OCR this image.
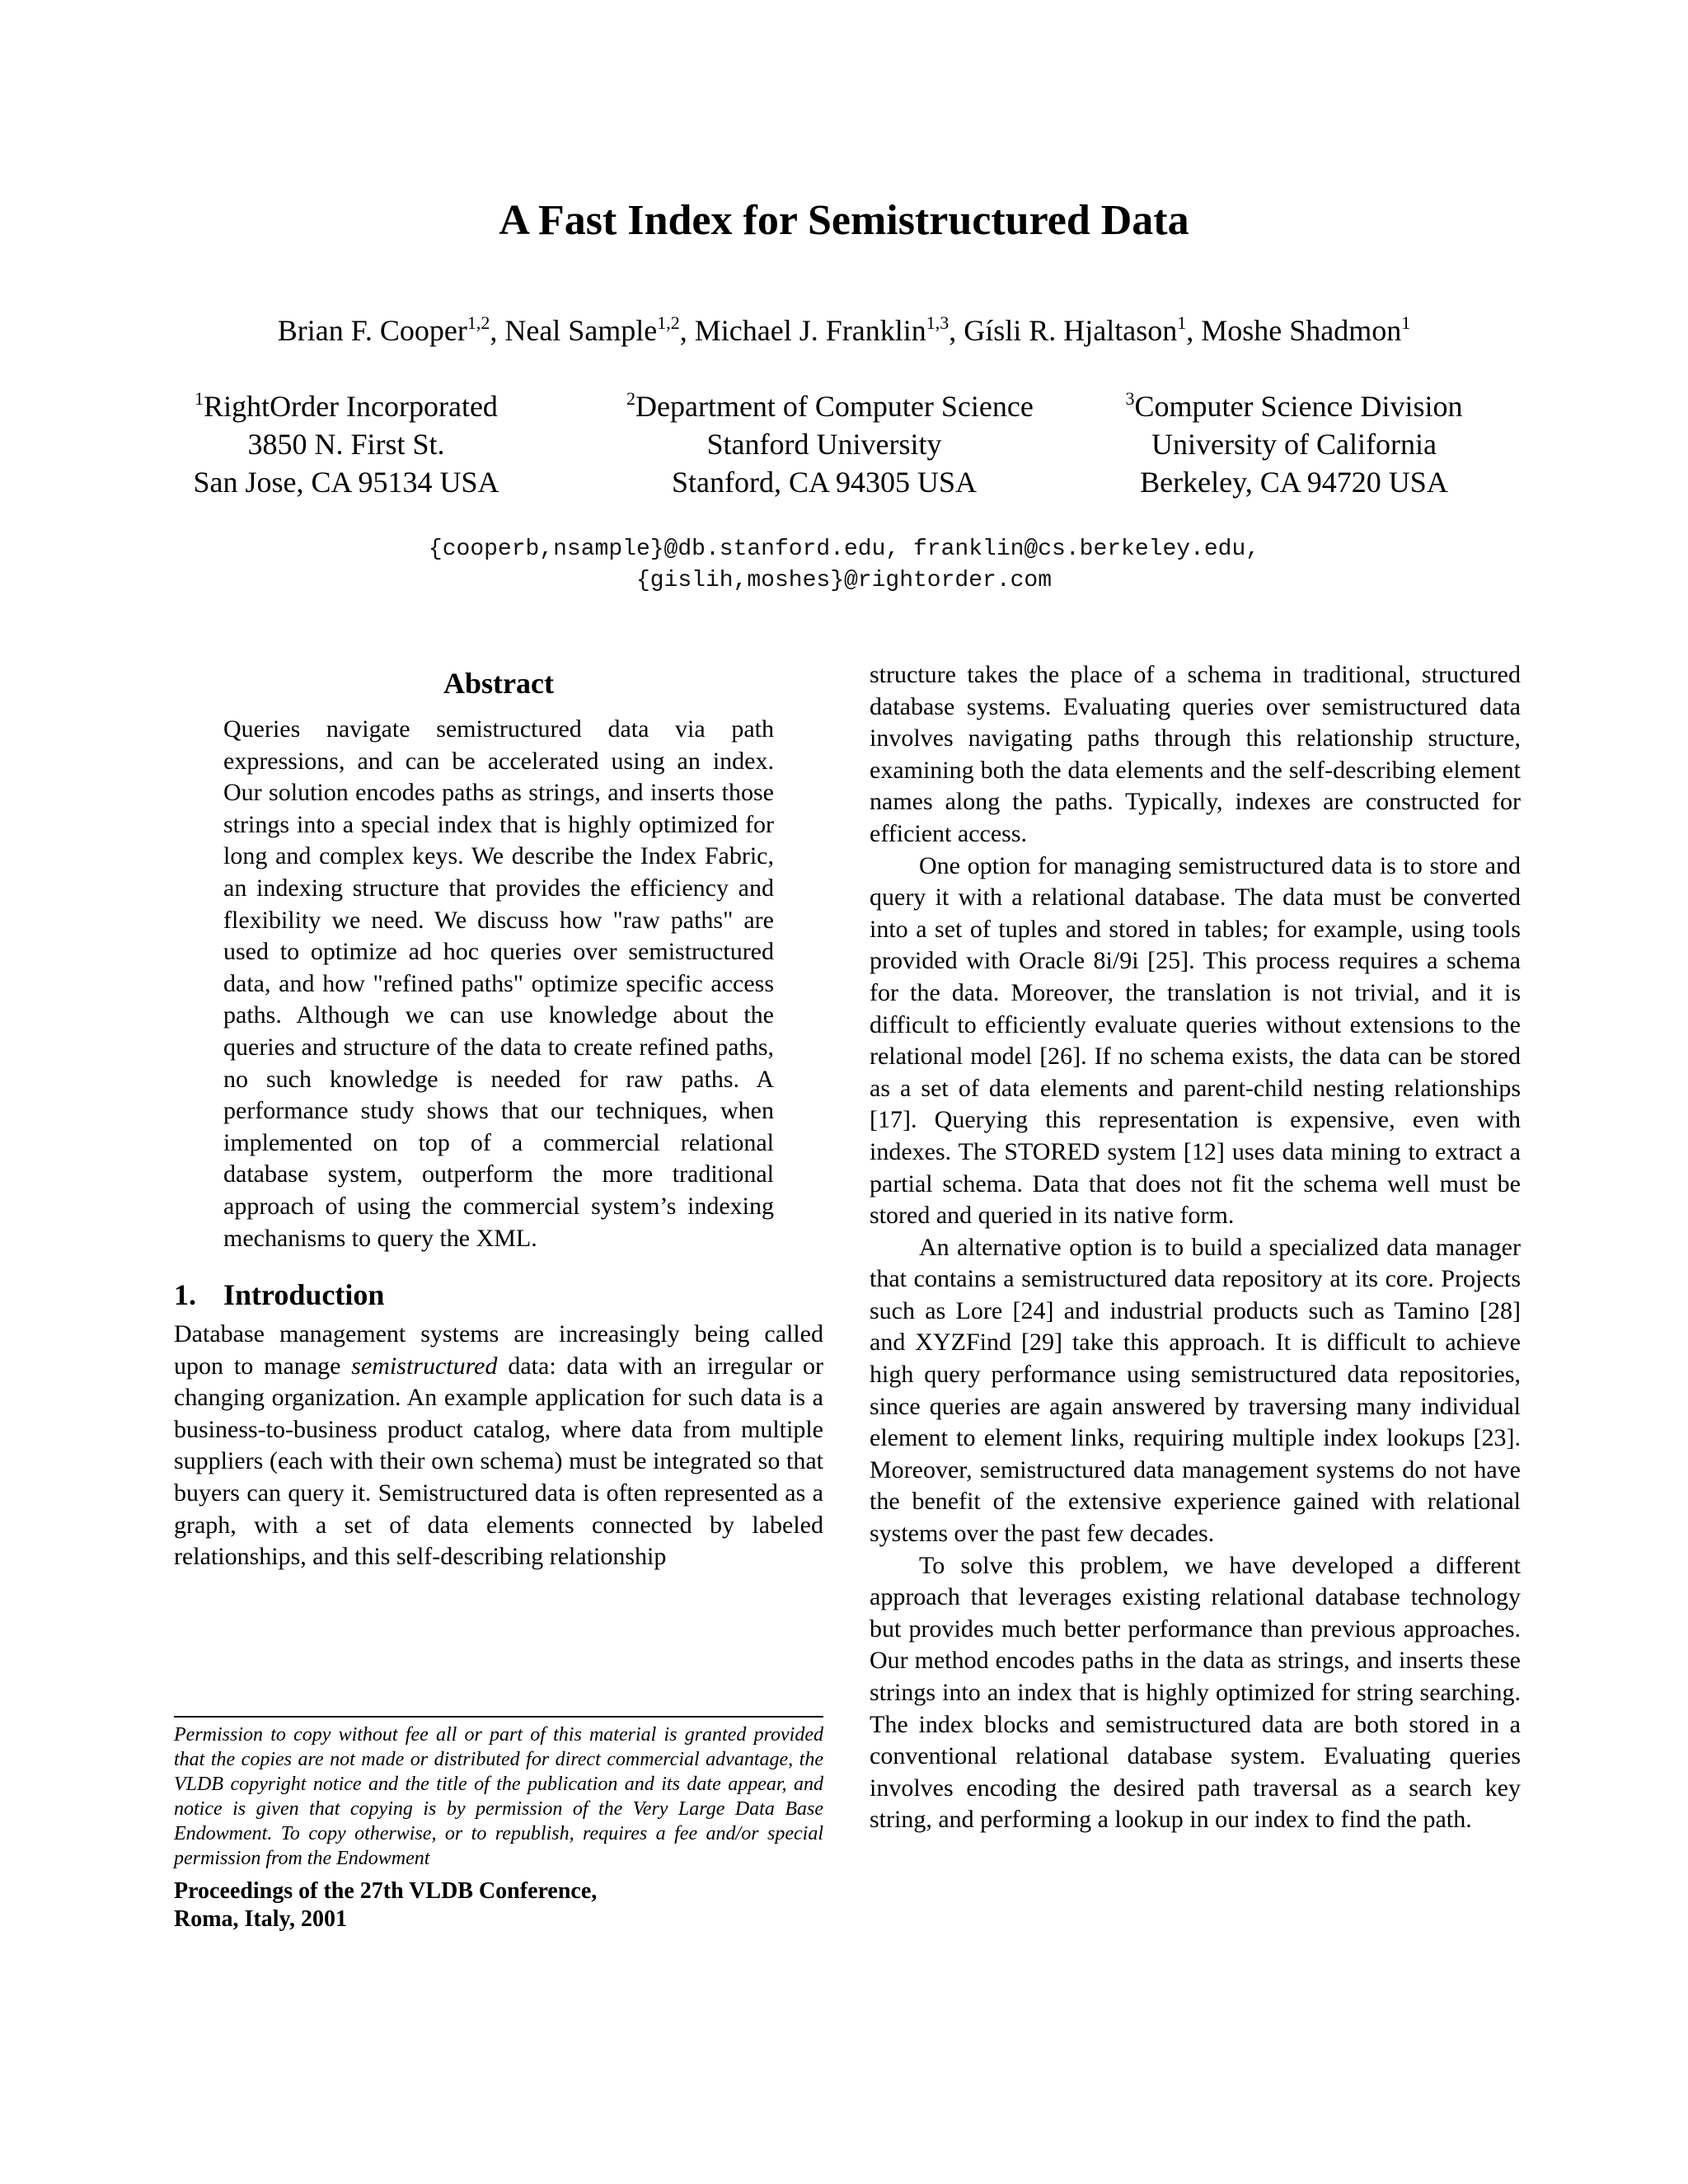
A Fast Index for Semistructured Data
Brian F. Cooper$^{1,2}$, Neal Sample$^{1,2}$, Michael J. Franklin$^{1,3}$, Gísli R. Hjaltason$^1$, Moshe Shadmon$^1$
$^1$RightOrder Incorporated
3850 N. First St.
San Jose, CA 95134 USA
$^2$Department of Computer Science
Stanford University
Stanford, CA 94305 USA
$^3$Computer Science Division
University of California
Berkeley, CA 94720 USA
{cooperb,nsample}@db.stanford.edu, franklin@cs.berkeley.edu,
{gislih,moshes}@rightorder.com
Abstract

Queries navigate semistructured data via path expressions, and can be accelerated using an index. Our solution encodes paths as strings, and inserts those strings into a special index that is highly optimized for long and complex keys. We describe the Index Fabric, an indexing structure that provides the efficiency and flexibility we need. We discuss how "raw paths" are used to optimize ad hoc queries over semistructured data, and how "refined paths" optimize specific access paths. Although we can use knowledge about the queries and structure of the data to create refined paths, no such knowledge is needed for raw paths. A performance study shows that our techniques, when implemented on top of a commercial relational database system, outperform the more traditional approach of using the commercial system’s indexing mechanisms to query the XML.

1. Introduction

Database management systems are increasingly being called upon to manage semistructured data: data with an irregular or changing organization. An example application for such data is a business-to-business product catalog, where data from multiple suppliers (each with their own schema) must be integrated so that buyers can query it. Semistructured data is often represented as a graph, with a set of data elements connected by labeled relationships, and this self-describing relationship

Permission to copy without fee all or part of this material is granted provided that the copies are not made or distributed for direct commercial advantage, the VLDB copyright notice and the title of the publication and its date appear, and notice is given that copying is by permission of the Very Large Data Base Endowment. To copy otherwise, or to republish, requires a fee and/or special permission from the Endowment
Proceedings of the 27th VLDB Conference,
Roma, Italy, 2001

structure takes the place of a schema in traditional, structured database systems. Evaluating queries over semistructured data involves navigating paths through this relationship structure, examining both the data elements and the self-describing element names along the paths. Typically, indexes are constructed for efficient access.

One option for managing semistructured data is to store and query it with a relational database. The data must be converted into a set of tuples and stored in tables; for example, using tools provided with Oracle 8i/9i [25]. This process requires a schema for the data. Moreover, the translation is not trivial, and it is difficult to efficiently evaluate queries without extensions to the relational model [26]. If no schema exists, the data can be stored as a set of data elements and parent-child nesting relationships [17]. Querying this representation is expensive, even with indexes. The STORED system [12] uses data mining to extract a partial schema. Data that does not fit the schema well must be stored and queried in its native form.

An alternative option is to build a specialized data manager that contains a semistructured data repository at its core. Projects such as Lore [24] and industrial products such as Tamino [28] and XYZFind [29] take this approach. It is difficult to achieve high query performance using semistructured data repositories, since queries are again answered by traversing many individual element to element links, requiring multiple index lookups [23]. Moreover, semistructured data management systems do not have the benefit of the extensive experience gained with relational systems over the past few decades.

To solve this problem, we have developed a different approach that leverages existing relational database technology but provides much better performance than previous approaches. Our method encodes paths in the data as strings, and inserts these strings into an index that is highly optimized for string searching. The index blocks and semistructured data are both stored in a conventional relational database system. Evaluating queries involves encoding the desired path traversal as a search key string, and performing a lookup in our index to find the path.
